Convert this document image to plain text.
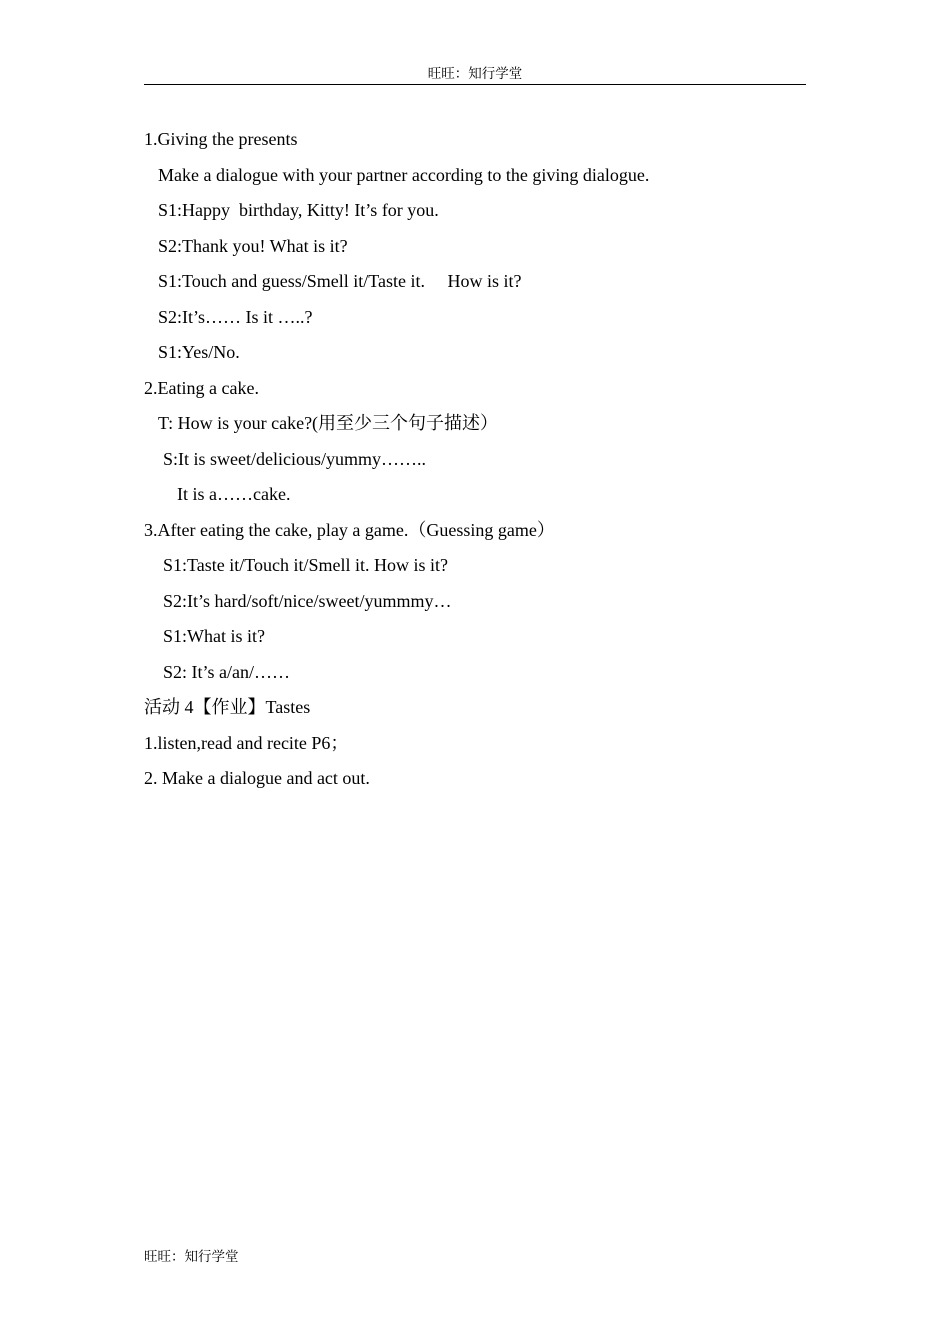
旺旺：知行学堂
1.Giving the presents
Make a dialogue with your partner according to the giving dialogue.
S1:Happy  birthday, Kitty! It’s for you.
S2:Thank you! What is it?
S1:Touch and guess/Smell it/Taste it.     How is it?
S2:It’s…… Is it …..?
S1:Yes/No.
2.Eating a cake.
T: How is your cake?(用至少三个句子描述）
S:It is sweet/delicious/yummy……..
It is a……cake.
3.After eating the cake, play a game.（Guessing game）
S1:Taste it/Touch it/Smell it. How is it?
S2:It’s hard/soft/nice/sweet/yummmy…
S1:What is it?
S2: It’s a/an/……
活动 4【作业】Tastes
1.listen,read and recite P6；
2. Make a dialogue and act out.
旺旺：知行学堂
